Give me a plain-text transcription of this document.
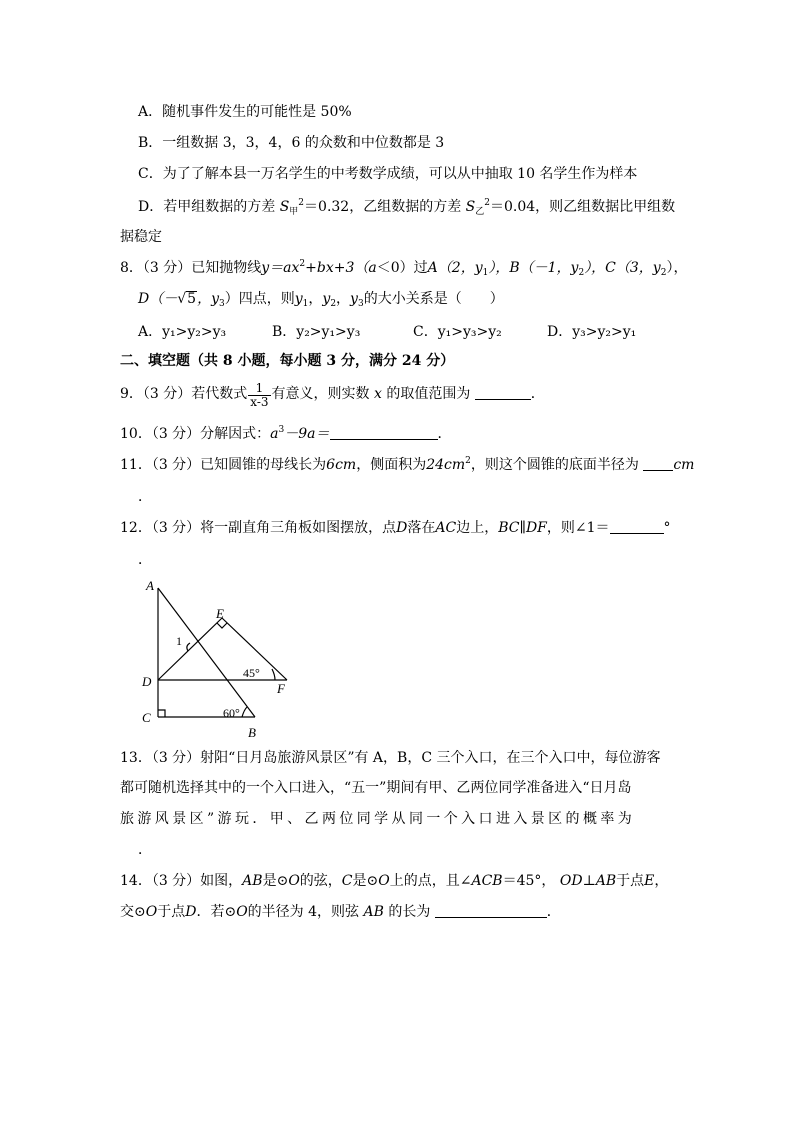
A．随机事件发生的可能性是 50%
B．一组数据 3，3，4，6 的众数和中位数都是 3
C．为了了解本县一万名学生的中考数学成绩，可以从中抽取 10 名学生作为样本
D．若甲组数据的方差 $S_甲^2=0.32$，乙组数据的方差 $S_乙^2=0.04$，则乙组数据比甲组数
据稳定
8．（3 分）已知抛物线$y=ax^2+bx+3(a<0)$过A（2，$y_1$），B（－1，$y_2$），C（3，$y_2$），
D（－√5，$y_3$）四点，则$y_1$，$y_2$，$y_3$的大小关系是（　　）
A．y₁>y₂>y₃	B．y₂>y₁>y₃	C．y₁>y₃>y₂	D．y₃>y₂>y₁
二、填空题（共 8 小题，每小题 3 分，满分 24 分）
9．（3 分）若代数式 $\frac{1}{x-3}$ 有意义，则实数 x 的取值范围为	．
10．（3 分）分解因式：$a^3-9a=$	．
11．（3 分）已知圆锥的母线长为6cm，侧面积为$24cm^2$，则这个圆锥的底面半径为 cm
．
12．（3 分）将一副直角三角板如图摆放，点D落在AC边上，BC∥DF，则∠1＝	°
．
A
E
1
D
45°
F
C	60°
B
13．（3 分）射阳“日月岛旅游风景区”有 A，B，C 三个入口，在三个入口中，每位游客
都可随机选择其中的一个入口进入，“五一”期间有甲、乙两位同学准备进入“日月岛
旅游风景区”游玩．甲、乙两位同学从同一个入口进入景区的概率为
．
14．（3 分）如图，AB是⊙O的弦，C是⊙O上的点，且∠ACB＝45°， OD⊥AB于点E，
交⊙O于点D．若⊙O的半径为 4，则弦 AB 的长为	．
